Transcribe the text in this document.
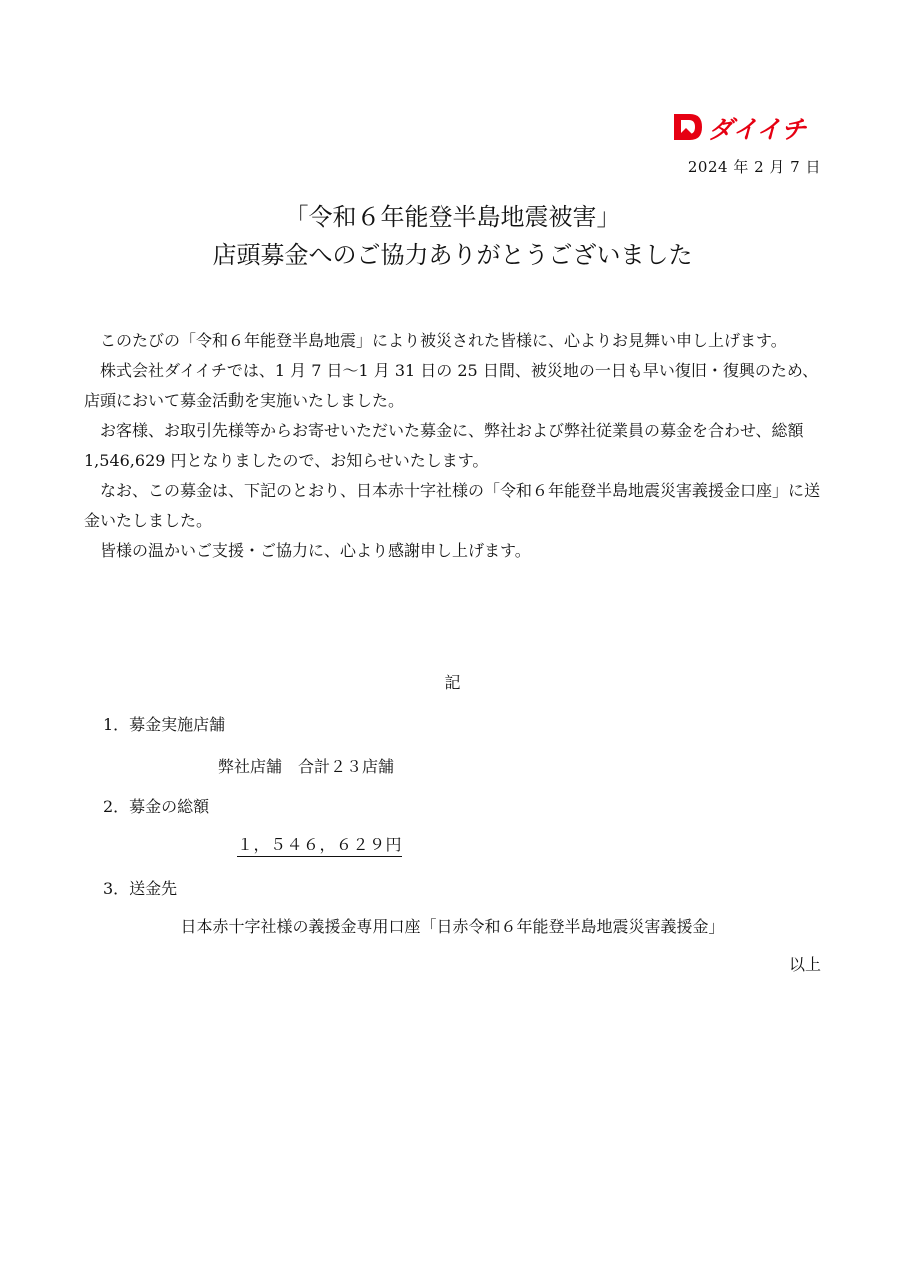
ダイイチ
2024 年 2 月 7 日
「令和６年能登半島地震被害」
店頭募金へのご協力ありがとうございました

このたびの「令和６年能登半島地震」により被災された皆様に、心よりお見舞い申し上げます。

株式会社ダイイチでは、1 月 7 日～1 月 31 日の 25 日間、被災地の一日も早い復旧・復興のため、店頭において募金活動を実施いたしました。

お客様、お取引先様等からお寄せいただいた募金に、弊社および弊社従業員の募金を合わせ、総額 1,546,629 円となりましたので、お知らせいたします。

なお、この募金は、下記のとおり、日本赤十字社様の「令和６年能登半島地震災害義援金口座」に送金いたしました。

皆様の温かいご支援・ご協力に、心より感謝申し上げます。

記
1．募金実施店舗
弊社店舗　合計２３店舗
2．募金の総額
１，５４６，６２９円
3．送金先
日本赤十字社様の義援金専用口座「日赤令和６年能登半島地震災害義援金」
以上
